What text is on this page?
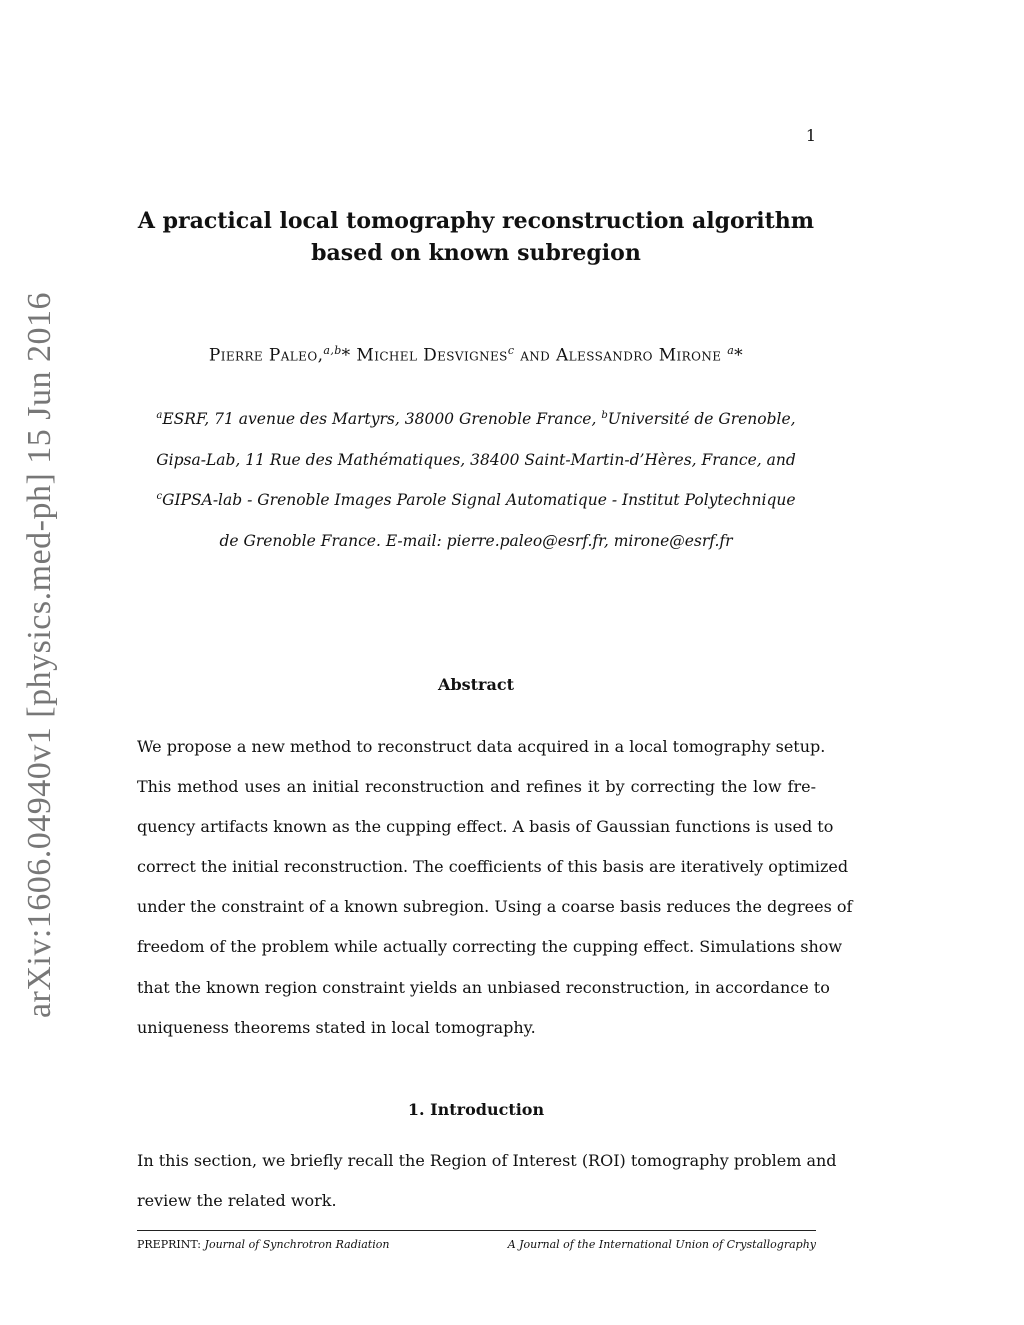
arXiv:1606.04940v1 [physics.med-ph] 15 Jun 2016
1
A practical local tomography reconstruction algorithm
based on known subregion
Pierre Paleo,$^{a,b}$* Michel Desvignes$^c$ and Alessandro Mirone $^a$*
$^a$ESRF, 71 avenue des Martyrs, 38000 Grenoble France, $^b$Université de Grenoble,
Gipsa-Lab, 11 Rue des Mathématiques, 38400 Saint-Martin-d’Hères, France, and
$^c$GIPSA-lab - Grenoble Images Parole Signal Automatique - Institut Polytechnique
de Grenoble France. E-mail: pierre.paleo@esrf.fr, mirone@esrf.fr
Abstract
We propose a new method to reconstruct data acquired in a local tomography setup.
This method uses an initial reconstruction and refines it by correcting the low fre-
quency artifacts known as the cupping effect. A basis of Gaussian functions is used to
correct the initial reconstruction. The coefficients of this basis are iteratively optimized
under the constraint of a known subregion. Using a coarse basis reduces the degrees of
freedom of the problem while actually correcting the cupping effect. Simulations show
that the known region constraint yields an unbiased reconstruction, in accordance to
uniqueness theorems stated in local tomography.
1. Introduction
In this section, we briefly recall the Region of Interest (ROI) tomography problem and
review the related work.
PREPRINT: Journal of Synchrotron Radiation	A Journal of the International Union of Crystallography
